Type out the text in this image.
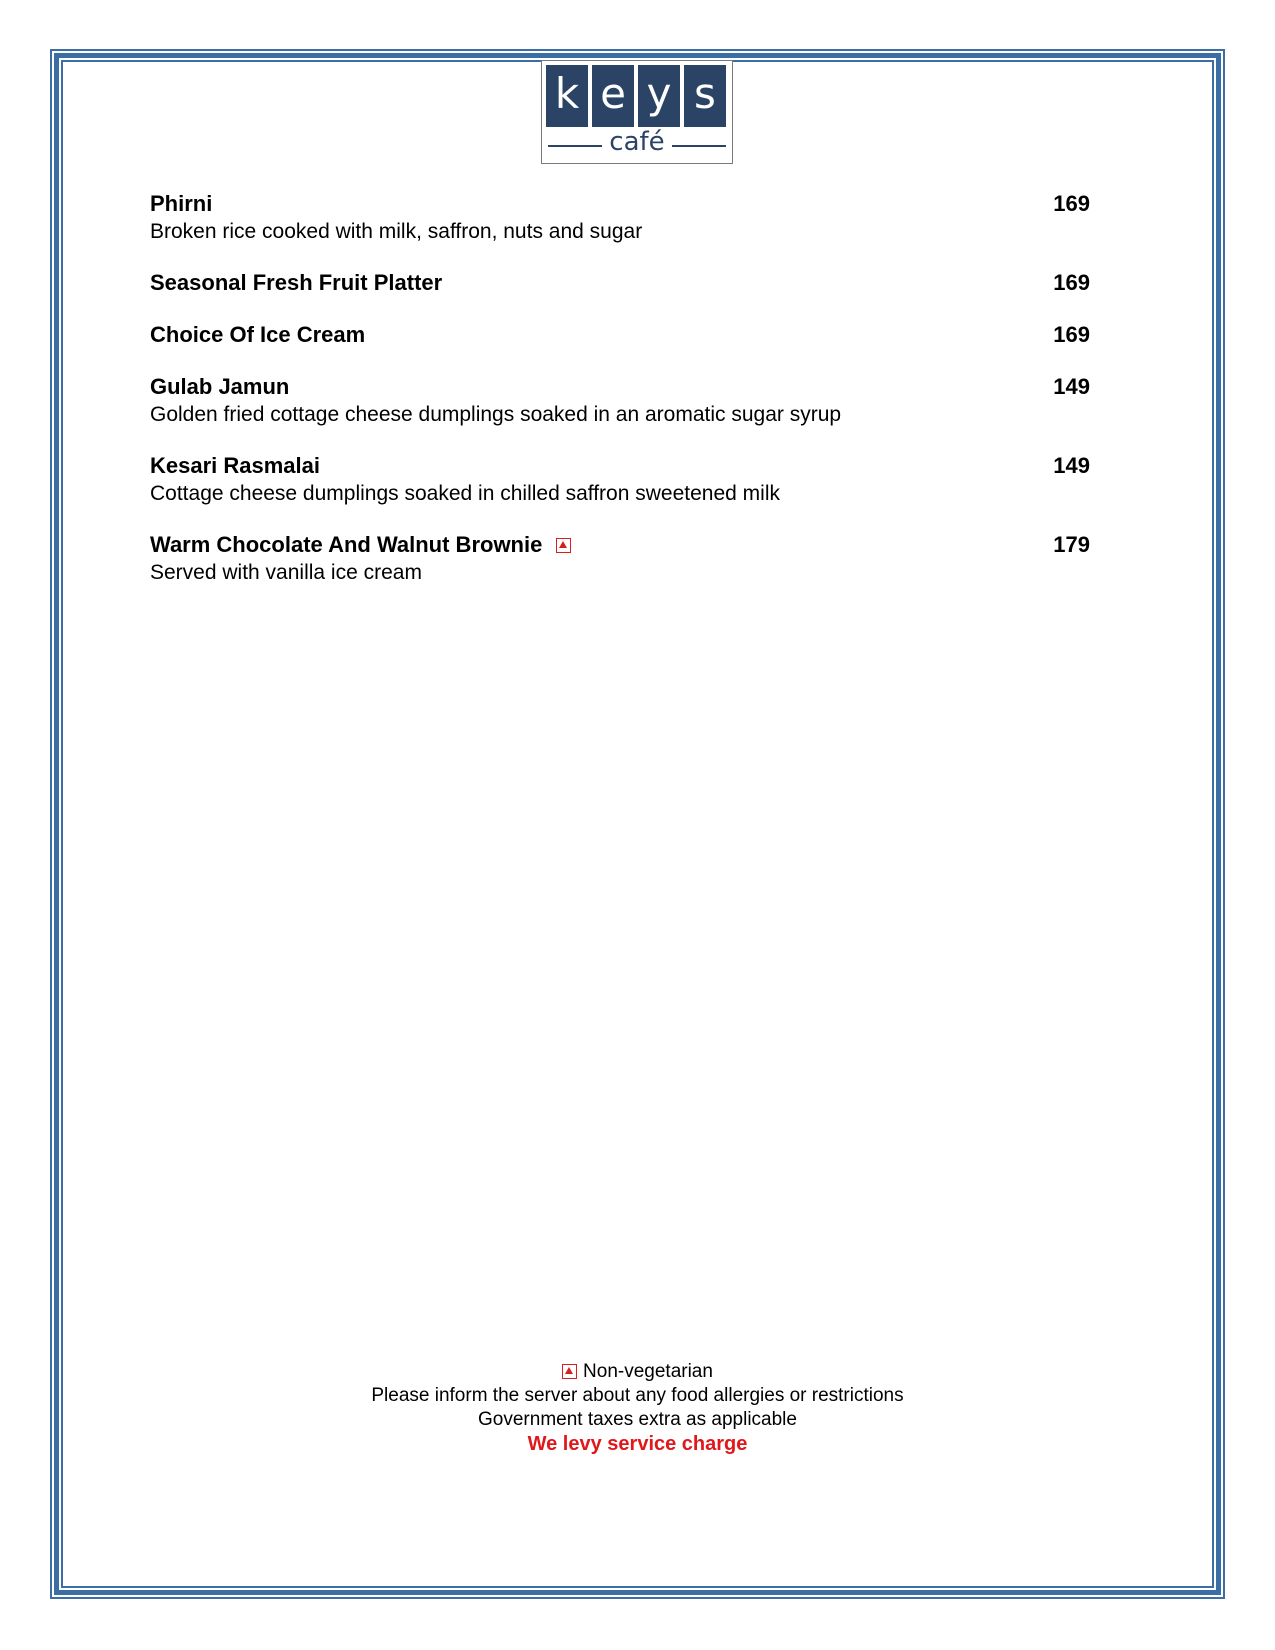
k e y s
café
Phirni	169
Broken rice cooked with milk, saffron, nuts and sugar
Seasonal Fresh Fruit Platter	169
Choice Of Ice Cream	169
Gulab Jamun	149
Golden fried cottage cheese dumplings soaked in an aromatic sugar syrup
Kesari Rasmalai	149
Cottage cheese dumplings soaked in chilled saffron sweetened milk
Warm Chocolate And Walnut Brownie	179
Served with vanilla ice cream
Non-vegetarian
Please inform the server about any food allergies or restrictions
Government taxes extra as applicable
We levy service charge
